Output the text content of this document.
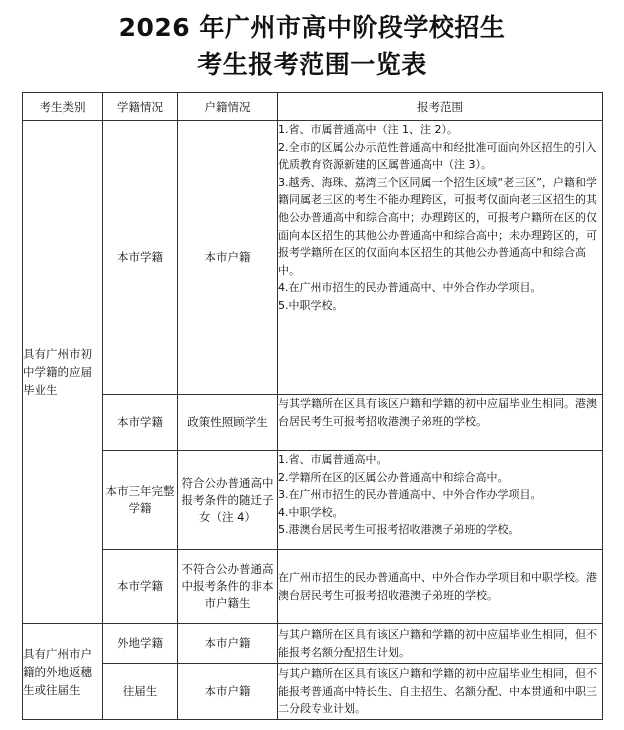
2026 年广州市高中阶段学校招生
考生报考范围一览表
考生类别	学籍情况	户籍情况	报考范围
具有广州市初中学籍的应届毕业生	本市学籍	本市户籍	1.省、市属普通高中（注 1、注 2）。
2.全市的区属公办示范性普通高中和经批准可面向外区招生的引入优质教育资源新建的区属普通高中（注 3）。
3.越秀、海珠、荔湾三个区同属一个招生区域“老三区”，户籍和学籍同属老三区的考生不能办理跨区，可报考仅面向老三区招生的其他公办普通高中和综合高中；办理跨区的，可报考户籍所在区的仅面向本区招生的其他公办普通高中和综合高中；未办理跨区的，可报考学籍所在区的仅面向本区招生的其他公办普通高中和综合高中。
4.在广州市招生的民办普通高中、中外合作办学项目。
5.中职学校。

	本市学籍	政策性照顾学生	与其学籍所在区具有该区户籍和学籍的初中应届毕业生相同。港澳台居民考生可报考招收港澳子弟班的学校。

	本市三年完整学籍	符合公办普通高中报考条件的随迁子女（注 4）	1.省、市属普通高中。
2.学籍所在区的区属公办普通高中和综合高中。
3.在广州市招生的民办普通高中、中外合作办学项目。
4.中职学校。
5.港澳台居民考生可报考招收港澳子弟班的学校。

	本市学籍	不符合公办普通高中报考条件的非本市户籍生	在广州市招生的民办普通高中、中外合作办学项目和中职学校。港澳台居民考生可报考招收港澳子弟班的学校。

具有广州市户籍的外地返穗生或往届生	外地学籍	本市户籍	与其户籍所在区具有该区户籍和学籍的初中应届毕业生相同，但不能报考名额分配招生计划。

	往届生	本市户籍	与其户籍所在区具有该区户籍和学籍的初中应届毕业生相同，但不能报考普通高中特长生、自主招生、名额分配、中本贯通和中职三二分段专业计划。
